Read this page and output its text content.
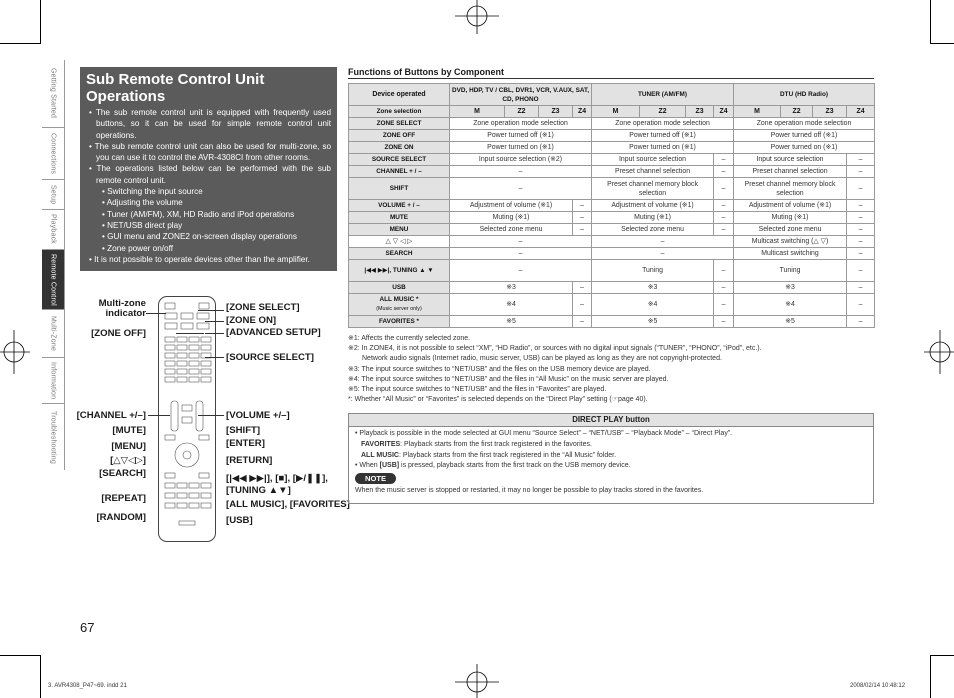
Getting Started
Connections
Setup
Playback
Remote Control
Multi-Zone
Information
Troubleshooting
Sub Remote Control Unit Operations

• The sub remote control unit is equipped with frequently used buttons, so it can be used for simple remote control unit operations.

• The sub remote control unit can also be used for multi-zone, so you can use it to control the AVR-4308CI from other rooms.

• The operations listed below can be performed with the sub remote control unit.

• Switching the input source

• Adjusting the volume

• Tuner (AM/FM), XM, HD Radio and iPod operations

• NET/USB direct play

• GUI menu and ZONE2 on-screen display operations

• Zone power on/off

• It is not possible to operate devices other than the amplifier.

Multi-zone
indicator
[ZONE OFF]
[CHANNEL +/–]
[MUTE]
[MENU]
[△▽◁▷]
[SEARCH]
[REPEAT]
[RANDOM]
[ZONE SELECT]
[ZONE ON]
[ADVANCED SETUP]
[SOURCE SELECT]
[VOLUME +/–]
[SHIFT]
[ENTER]
[RETURN]
[|◀◀ ▶▶|], [■], [▶/❚❚],
[TUNING ▲▼]
[ALL MUSIC], [FAVORITES]
[USB]
Functions of Buttons by Component
Device operated	DVD, HDP, TV / CBL, DVR1, VCR, V.AUX, SAT, CD, PHONO				TUNER (AM/FM)				DTU (HD Radio)			
Zone selection	M	Z2	Z3	Z4	M	Z2	Z3	Z4	M	Z2	Z3	Z4
ZONE SELECT	Zone operation mode selection				Zone operation mode selection				Zone operation mode selection			
ZONE OFF	Power turned off (※1)				Power turned off (※1)				Power turned off (※1)			
ZONE ON	Power turned on (※1)				Power turned on (※1)				Power turned on (※1)			
SOURCE SELECT	Input source selection (※2)				Input source selection			–	Input source selection			–
CHANNEL + / –	–				Preset channel selection			–	Preset channel selection			–
SHIFT	–				Preset channel memory block selection			–	Preset channel memory block selection			–
VOLUME + / –	Adjustment of volume (※1)			–	Adjustment of volume (※1)			–	Adjustment of volume (※1)			–
MUTE	Muting (※1)			–	Muting (※1)			–	Muting (※1)			–
MENU	Selected zone menu			–	Selected zone menu			–	Selected zone menu			–
△ ▽ ◁ ▷	–				–				Multicast switching (△ ▽)			–
SEARCH	–				–				Multicast switching			–
|◀◀ ▶▶|, TUNING ▲ ▼	–				Tuning			–	Tuning			–
USB	※3			–	※3			–	※3			–
ALL MUSIC *
(Music server only)	※4			–	※4			–	※4			–
FAVORITES *	※5			–	※5			–	※5			–

※1: Affects the currently selected zone.

※2: In ZONE4, it is not possible to select “XM”, “HD Radio”, or sources with no digital input signals (“TUNER”, “PHONO”, “iPod”, etc.).

Network audio signals (Internet radio, music server, USB) can be played as long as they are not copyright-protected.

※3: The input source switches to “NET/USB” and the files on the USB memory device are played.

※4: The input source switches to “NET/USB” and the files in “All Music” on the music server are played.

※5: The input source switches to “NET/USB” and the files in “Favorites” are played.

*: Whether “All Music” or “Favorites” is selected depends on the “Direct Play” setting (☞page 40).

DIRECT PLAY button

• Playback is possible in the mode selected at GUI menu “Source Select” – “NET/USB” – “Playback Mode” – “Direct Play”.

FAVORITES: Playback starts from the first track registered in the favorites.

ALL MUSIC: Playback starts from the first track registered in the “All Music” folder.

• When [USB] is pressed, playback starts from the first track on the USB memory device.

NOTE

When the music server is stopped or restarted, it may no longer be possible to play tracks stored in the favorites.

67
3. AVR4308_P47~69. indd 21	2008/02/14 10:48:12
